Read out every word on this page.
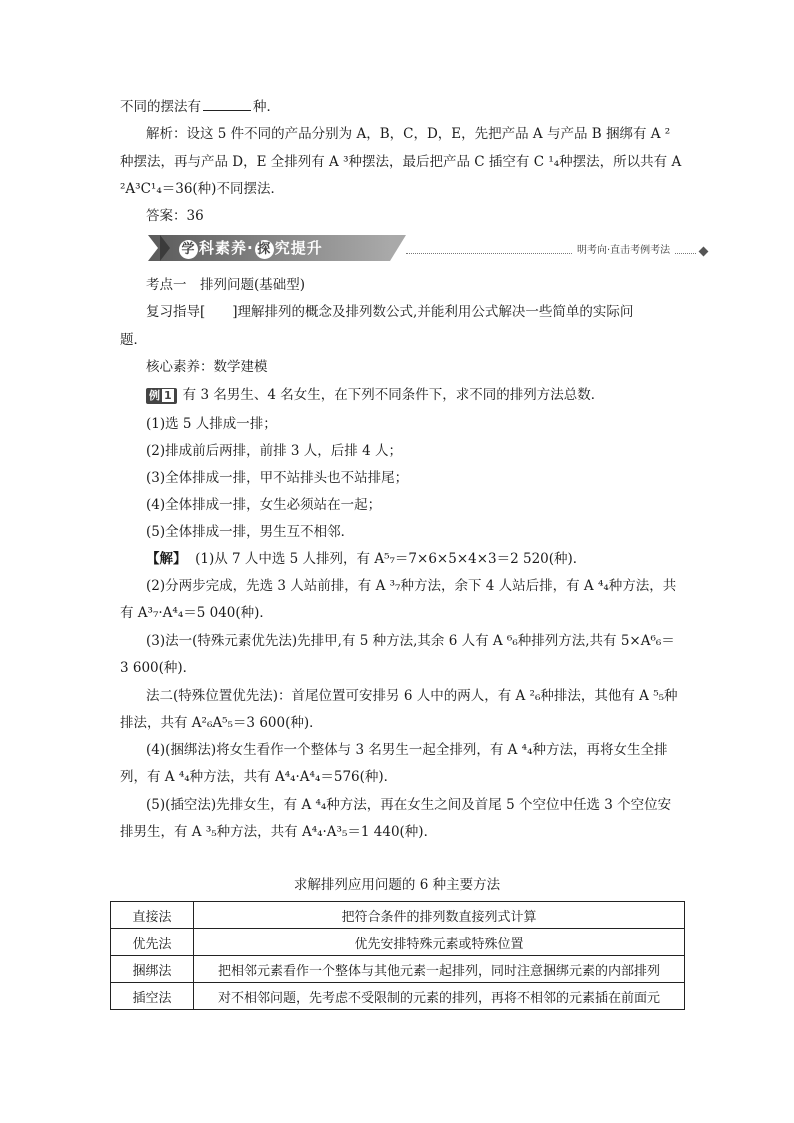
不同的摆法有	种．
解析：设这 5 件不同的产品分别为 A，B，C，D，E，先把产品 A 与产品 B 捆绑有 A ²
种摆法，再与产品 D，E 全排列有 A ³种摆法，最后把产品 C 插空有 C ¹₄种摆法，所以共有 A
²A³C¹₄＝36(种)不同摆法．
答案：36
学 科素养· 探 究提升	明考向·直击考例考法
考点一　排列问题(基础型)
复习指导[　　]理解排列的概念及排列数公式,并能利用公式解决一些简单的实际问
题．
核心素养：数学建模
例 1 有 3 名男生、4 名女生，在下列不同条件下，求不同的排列方法总数．
(1)选 5 人排成一排；
(2)排成前后两排，前排 3 人，后排 4 人；
(3)全体排成一排，甲不站排头也不站排尾；
(4)全体排成一排，女生必须站在一起；
(5)全体排成一排，男生互不相邻．
【解】 (1)从 7 人中选 5 人排列，有 A⁵₇＝7×6×5×4×3＝2 520(种)．
(2)分两步完成，先选 3 人站前排，有 A ³₇种方法，余下 4 人站后排，有 A ⁴₄种方法，共
有 A³₇·A⁴₄＝5 040(种)．
(3)法一(特殊元素优先法)先排甲,有 5 种方法,其余 6 人有 A ⁶₆种排列方法,共有 5×A⁶₆＝
3 600(种)．
法二(特殊位置优先法)：首尾位置可安排另 6 人中的两人，有 A ²₆种排法，其他有 A ⁵₅种
排法，共有 A²₆A⁵₅＝3 600(种)．
(4)(捆绑法)将女生看作一个整体与 3 名男生一起全排列，有 A ⁴₄种方法，再将女生全排
列，有 A ⁴₄种方法，共有 A⁴₄·A⁴₄＝576(种)．
(5)(插空法)先排女生，有 A ⁴₄种方法，再在女生之间及首尾 5 个空位中任选 3 个空位安
排男生，有 A ³₅种方法，共有 A⁴₄·A³₅＝1 440(种)．
求解排列应用问题的 6 种主要方法
直接法	把符合条件的排列数直接列式计算
优先法	优先安排特殊元素或特殊位置
捆绑法	把相邻元素看作一个整体与其他元素一起排列，同时注意捆绑元素的内部排列
插空法	对不相邻问题，先考虑不受限制的元素的排列，再将不相邻的元素插在前面元
